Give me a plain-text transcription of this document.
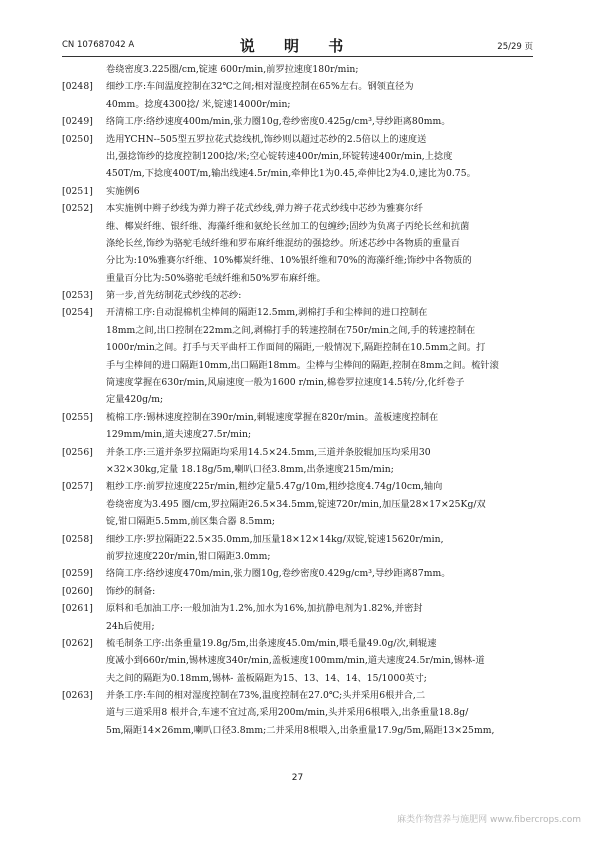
CN 107687042 A	说 明 书	25/29 页
卷绕密度3.225圈/cm,锭速 600r/min,前罗拉速度180r/min;
[0248] 细纱工序:车间温度控制在32℃之间;相对湿度控制在65%左右。钢领直径为
40mm。捻度4300捻/ 米,锭速14000r/min;
[0249] 络筒工序:络纱速度400m/min,张力圈10g,卷纱密度0.425g/cm³,导纱距离80mm。
[0250] 选用YCHN--505型五罗拉花式捻线机,饰纱则以超过芯纱的2.5倍以上的速度送
出,强捻饰纱的捻度控制1200捻/米;空心锭转速400r/min,环锭转速400r/min,上捻度
450T/m,下捻度400T/m,输出线速4.5r/min,牵伸比1为0.45,牵伸比2为4.0,速比为0.75。
[0251] 实施例6
[0252] 本实施例中辫子纱线为弹力辫子花式纱线,弹力辫子花式纱线中芯纱为雅赛尔纤
维、椰炭纤维、银纤维、海藻纤维和氨纶长丝加工的包缠纱;固纱为负离子丙纶长丝和抗菌
涤纶长丝,饰纱为骆驼毛绒纤维和罗布麻纤维混纺的强捻纱。所述芯纱中各物质的重量百
分比为:10%雅赛尔纤维、10%椰炭纤维、10%银纤维和70%的海藻纤维;饰纱中各物质的
重量百分比为:50%骆驼毛绒纤维和50%罗布麻纤维。
[0253] 第一步,首先纺制花式纱线的芯纱:
[0254] 开清棉工序:自动混棉机尘棒间的隔距12.5mm,剥棉打手和尘棒间的进口控制在
18mm之间,出口控制在22mm之间,剥棉打手的转速控制在750r/min之间,手的转速控制在
1000r/min之间。打手与天平曲杆工作面间的隔距,一般情况下,隔距控制在10.5mm之间。打
手与尘棒间的进口隔距10mm,出口隔距18mm。尘棒与尘棒间的隔距,控制在8mm之间。梳针滚
筒速度掌握在630r/min,风扇速度一般为1600 r/min,棉卷罗拉速度14.5转/分,化纤卷子
定量420g/m;
[0255] 梳棉工序:锡林速度控制在390r/min,刺辊速度掌握在820r/min。盖板速度控制在
129mm/min,道夫速度27.5r/min;
[0256] 并条工序:三道并条罗拉隔距均采用14.5×24.5mm,三道并条胶辊加压均采用30
×32×30kg,定量 18.18g/5m,喇叭口径3.8mm,出条速度215m/min;
[0257] 粗纱工序:前罗拉速度225r/min,粗纱定量5.47g/10m,粗纱捻度4.74g/10cm,轴向
卷绕密度为3.495 圈/cm,罗拉隔距26.5×34.5mm,锭速720r/min,加压量28×17×25Kg/双
锭,钳口隔距5.5mm,前区集合器 8.5mm;
[0258] 细纱工序:罗拉隔距22.5×35.0mm,加压量18×12×14kg/双锭,锭速15620r/min,
前罗拉速度220r/min,钳口隔距3.0mm;
[0259] 络筒工序:络纱速度470m/min,张力圈10g,卷纱密度0.429g/cm³,导纱距离87mm。
[0260] 饰纱的制备:
[0261] 原料和毛加油工序:一般加油为1.2%,加水为16%,加抗静电剂为1.82%,并密封
24h后使用;
[0262] 梳毛制条工序:出条重量19.8g/5m,出条速度45.0m/min,喂毛量49.0g/次,刺辊速
度减小到660r/min,锡林速度340r/min,盖板速度100mm/min,道夫速度24.5r/min,锡林-道
夫之间的隔距为0.18mm,锡林- 盖板隔距为15、13、14、14、15/1000英寸;
[0263] 并条工序:车间的相对湿度控制在73%,温度控制在27.0℃;头并采用6根并合,二
道与三道采用8 根并合,车速不宜过高,采用200m/min,头并采用6根喂入,出条重量18.8g/
5m,隔距14×26mm,喇叭口径3.8mm;二并采用8根喂入,出条重量17.9g/5m,隔距13×25mm,
27
麻类作物营养与施肥网 www.fibercrops.com
